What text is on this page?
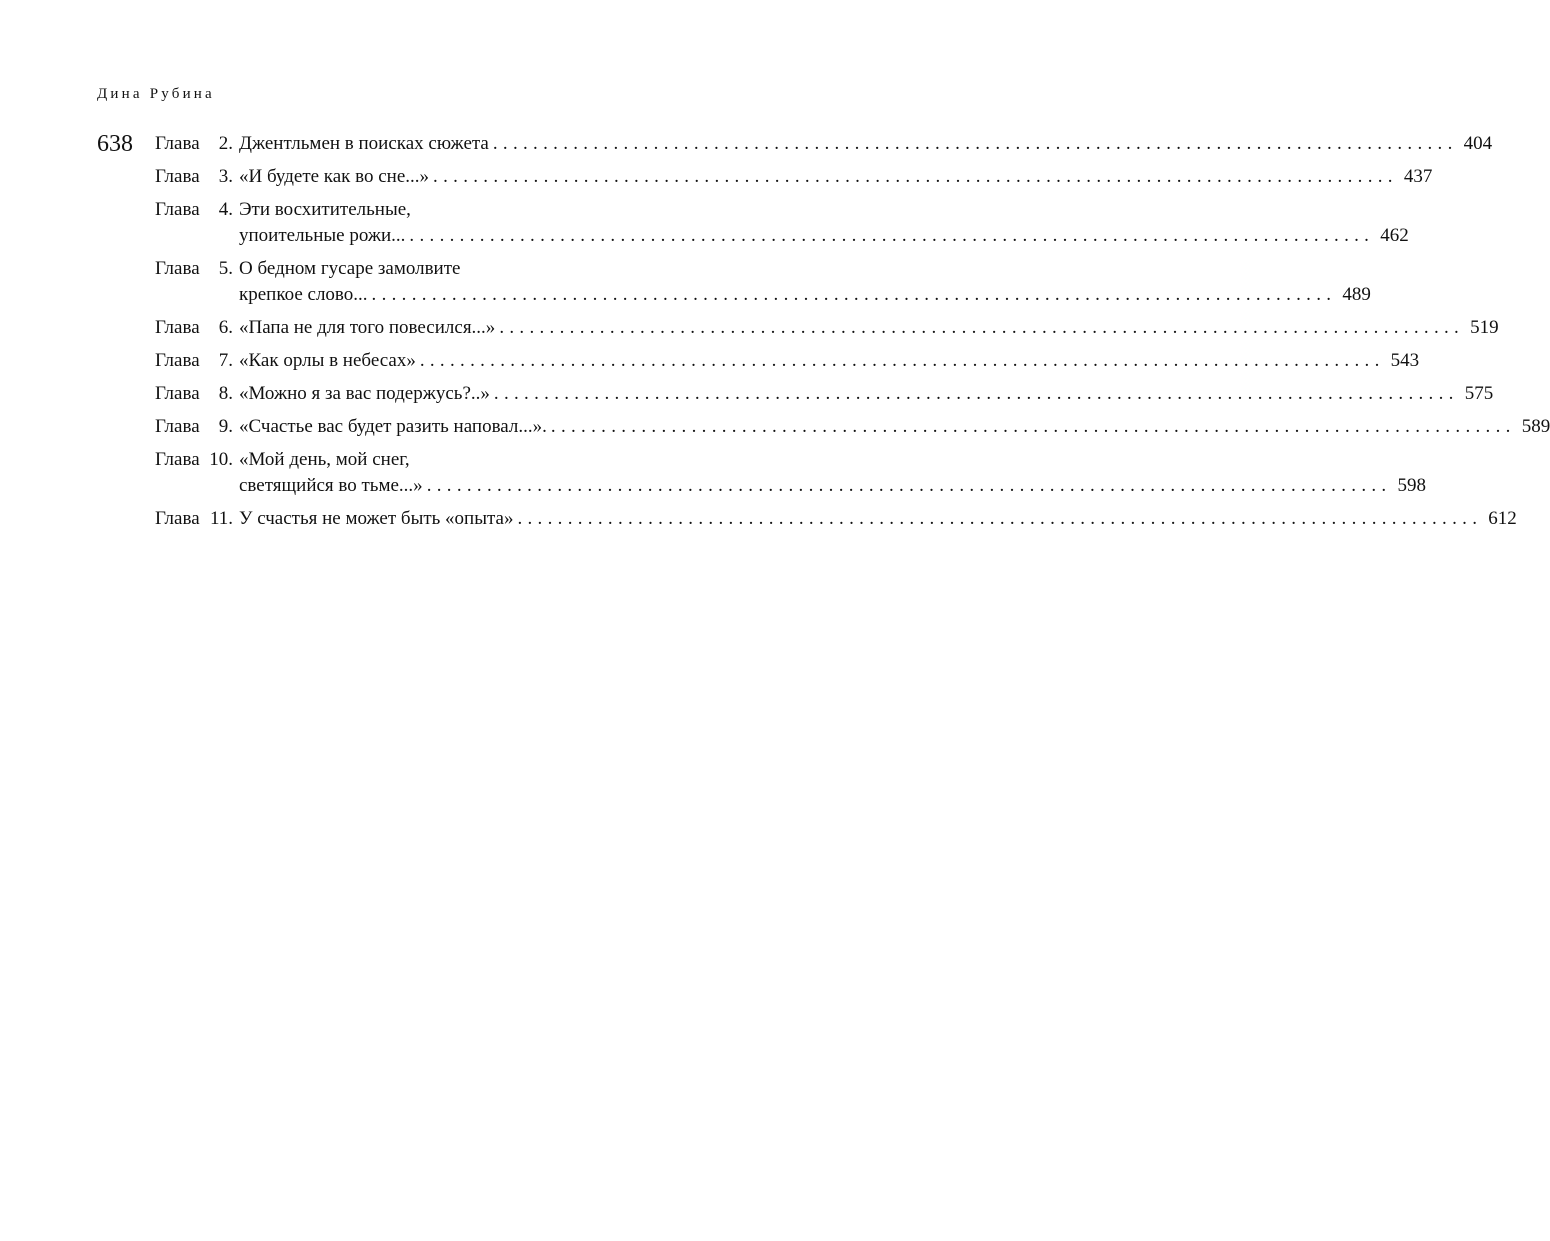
Дина Рубина
638 Глава 2. Джентльмен в поисках сюжета ................................................................................................ 404
Глава 3. «И будете как во сне...» ................................................................................................ 437
Глава 4. Эти восхитительные,
упоительные рожи... ................................................................................................ 462
Глава 5. О бедном гусаре замолвите
крепкое слово... ................................................................................................ 489
Глава 6. «Папа не для того повесился...» ................................................................................................ 519
Глава 7. «Как орлы в небесах» ................................................................................................ 543
Глава 8. «Можно я за вас подержусь?..» ................................................................................................ 575
Глава 9. «Счастье вас будет разить наповал...». ................................................................................................ 589
Глава 10. «Мой день, мой снег,
светящийся во тьме...» ................................................................................................ 598
Глава 11. У счастья не может быть «опыта» ................................................................................................ 612
